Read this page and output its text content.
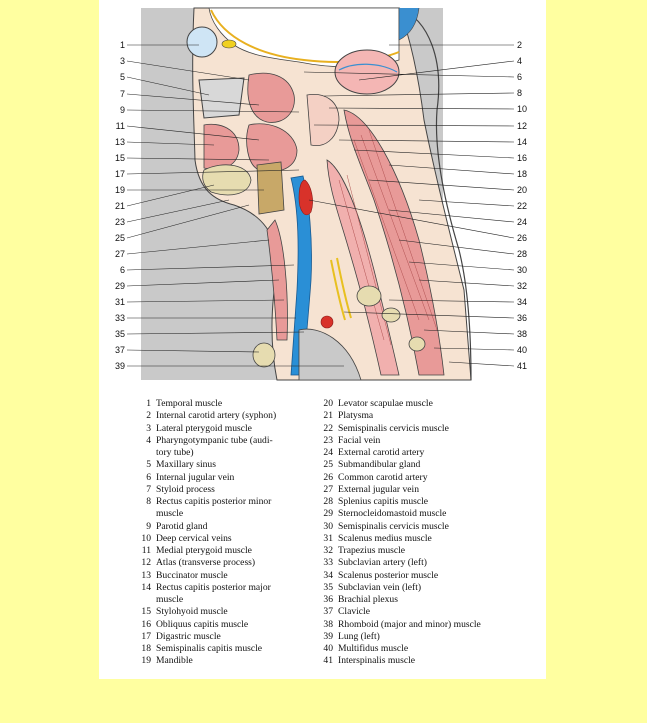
1
3
5
7
9
11
13
15
17
19
21
23
25
27
6
29
31
33
35
37
39
2
4
6
8
10
12
14
16
18
20
22
24
26
28
30
32
34
36
38
40
41
1 Temporal muscle
2 Internal carotid artery (syphon)
3 Lateral pterygoid muscle
4 Pharyngotympanic tube (audi-
tory tube)
5 Maxillary sinus
6 Internal jugular vein
7 Styloid process
8 Rectus capitis posterior minor
muscle
9 Parotid gland
10 Deep cervical veins
11 Medial pterygoid muscle
12 Atlas (transverse process)
13 Buccinator muscle
14 Rectus capitis posterior major
muscle
15 Stylohyoid muscle
16 Obliquus capitis muscle
17 Digastric muscle
18 Semispinalis capitis muscle
19 Mandible
20 Levator scapulae muscle
21 Platysma
22 Semispinalis cervicis muscle
23 Facial vein
24 External carotid artery
25 Submandibular gland
26 Common carotid artery
27 External jugular vein
28 Splenius capitis muscle
29 Sternocleidomastoid muscle
30 Semispinalis cervicis muscle
31 Scalenus medius muscle
32 Trapezius muscle
33 Subclavian artery (left)
34 Scalenus posterior muscle
35 Subclavian vein (left)
36 Brachial plexus
37 Clavicle
38 Rhomboid (major and minor) muscle
39 Lung (left)
40 Multifidus muscle
41 Interspinalis muscle
